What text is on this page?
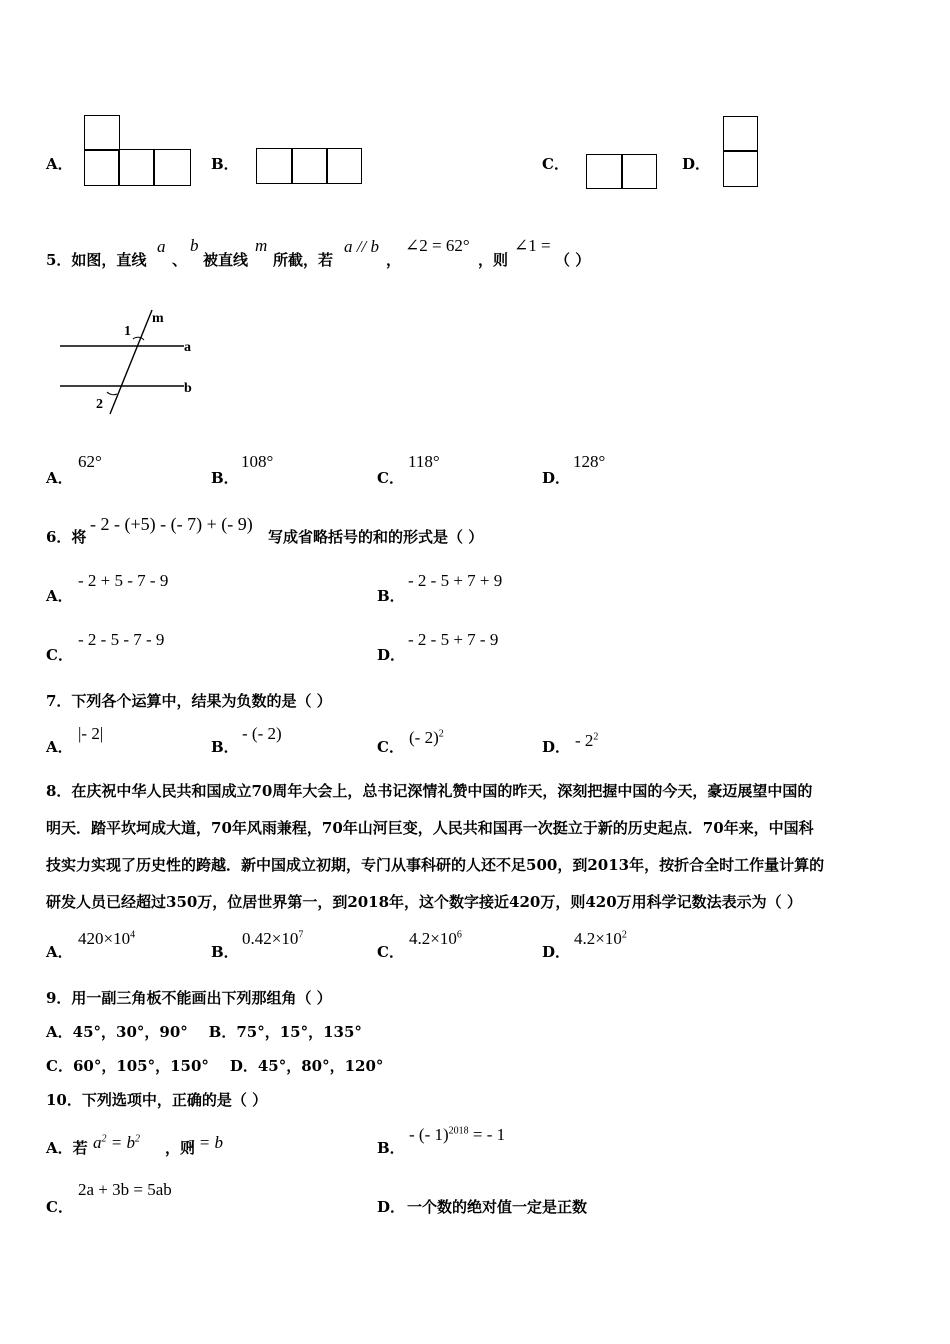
A．	B．	C．	D．
5．如图，直线
a
、
b
被直线
m
所截，若
a // b
，
∠2 = 62°
，则
∠1 =
（ ）
1
2
m
a
b
A．
62°
B．
108°
C．
118°
D．
128°
6．将
- 2 - (+5) - (- 7) + (- 9)
写成省略括号的和的形式是（ ）
A．
- 2 + 5 - 7 - 9
B．
- 2 - 5 + 7 + 9
C．
- 2 - 5 - 7 - 9
D．
- 2 - 5 + 7 - 9
7．下列各个运算中，结果为负数的是（ ）
A．
|- 2|
B．
- (- 2)
C． (- 2)$^2$
D． - $2^2$
8．在庆祝中华人民共和国成立70周年大会上，总书记深情礼赞中国的昨天，深刻把握中国的今天，豪迈展望中国的
明天．踏平坎坷成大道，70年风雨兼程，70年山河巨变，人民共和国再一次挺立于新的历史起点．70年来，中国科
技实力实现了历史性的跨越．新中国成立初期，专门从事科研的人还不足500，到2013年，按折合全时工作量计算的
研发人员已经超过350万，位居世界第一，到2018年，这个数字接近420万，则420万用科学记数法表示为（ ）
A．
$420\times 10^4$
B．
$0.42\times 10^7$
C．
$4.2\times 10^6$
D．
$4.2\times 10^2$
9．用一副三角板不能画出下列那组角（ ）
A．45°，30°，90°    B．75°，15°，135°
C．60°，105°，150°    D．45°，80°，120°
10．下列选项中，正确的是（ ）
A．若 $a^2 = b^2$
，则
a = b	B．
- (- 1)$^{2018}$ = - 1
C．
2a + 3b = 5ab
D． 一个数的绝对值一定是正数
